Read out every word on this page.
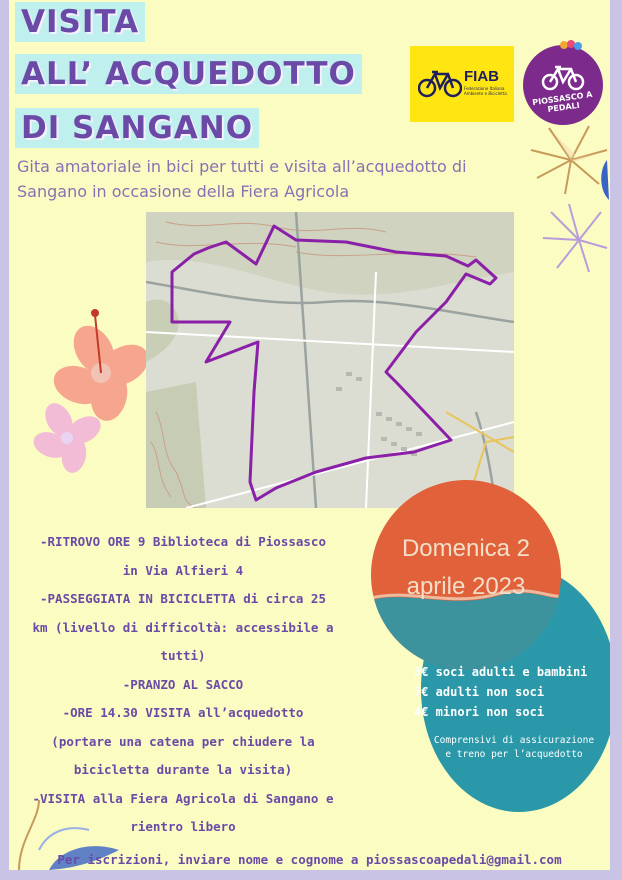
VISITA
ALL’ ACQUEDOTTO
DI SANGANO
Gita amatoriale in bici per tutti e visita all’acquedotto di Sangano in occasione della Fiera Agricola
FIAB
Federazione Italiana Ambiente e Bicicletta	PIOSSASCO A PEDALI
-RITROVO ORE 9 Biblioteca di Piossasco
in Via Alfieri 4
-PASSEGGIATA IN BICICLETTA di circa 25
km (livello di difficoltà: accessibile a
tutti)
-PRANZO AL SACCO
-ORE 14.30 VISITA all’acquedotto
(portare una catena per chiudere la
bicicletta durante la visita)
-VISITA alla Fiera Agricola di Sangano e
rientro libero
Domenica 2
aprile 2023
3€ soci adulti e bambini
7€ adulti non soci
4€ minori non soci
Comprensivi di assicurazione
e treno per l’acquedotto
Per iscrizioni, inviare nome e cognome a piossascoapedali@gmail.com
